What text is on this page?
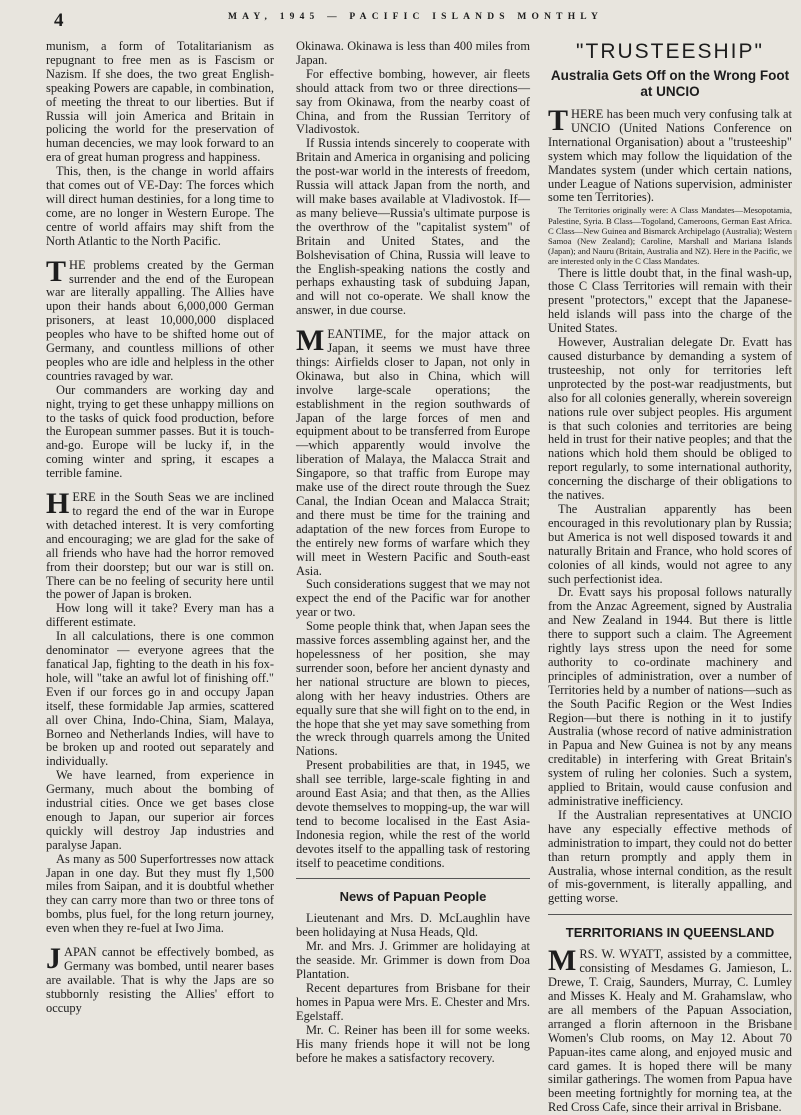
4	MAY, 1945 — PACIFIC ISLANDS MONTHLY

munism, a form of Totalitarianism as repugnant to free men as is Fascism or Nazism. If she does, the two great English-speaking Powers are capable, in combination, of meeting the threat to our liberties. But if Russia will join America and Britain in policing the world for the preservation of human decencies, we may look forward to an era of great human progress and happiness.

This, then, is the change in world affairs that comes out of VE-Day: The forces which will direct human destinies, for a long time to come, are no longer in Western Europe. The centre of world affairs may shift from the North Atlantic to the North Pacific.

THE problems created by the German surrender and the end of the European war are literally appalling. The Allies have upon their hands about 6,000,000 German prisoners, at least 10,000,000 displaced peoples who have to be shifted home out of Germany, and countless millions of other peoples who are idle and helpless in the other countries ravaged by war.

Our commanders are working day and night, trying to get these unhappy millions on to the tasks of quick food production, before the European summer passes. But it is touch-and-go. Europe will be lucky if, in the coming winter and spring, it escapes a terrible famine.

HERE in the South Seas we are inclined to regard the end of the war in Europe with detached interest. It is very comforting and encouraging; we are glad for the sake of all friends who have had the horror removed from their doorstep; but our war is still on. There can be no feeling of security here until the power of Japan is broken.

How long will it take? Every man has a different estimate.

In all calculations, there is one common denominator — everyone agrees that the fanatical Jap, fighting to the death in his fox-hole, will "take an awful lot of finishing off." Even if our forces go in and occupy Japan itself, these formidable Jap armies, scattered all over China, Indo-China, Siam, Malaya, Borneo and Netherlands Indies, will have to be broken up and rooted out separately and individually.

We have learned, from experience in Germany, much about the bombing of industrial cities. Once we get bases close enough to Japan, our superior air forces quickly will destroy Jap industries and paralyse Japan.

As many as 500 Superfortresses now attack Japan in one day. But they must fly 1,500 miles from Saipan, and it is doubtful whether they can carry more than two or three tons of bombs, plus fuel, for the long return journey, even when they re-fuel at Iwo Jima.

JAPAN cannot be effectively bombed, as Germany was bombed, until nearer bases are available. That is why the Japs are so stubbornly resisting the Allies' effort to occupy

Okinawa. Okinawa is less than 400 miles from Japan.

For effective bombing, however, air fleets should attack from two or three directions—say from Okinawa, from the nearby coast of China, and from the Russian Territory of Vladivostok.

If Russia intends sincerely to cooperate with Britain and America in organising and policing the post-war world in the interests of freedom, Russia will attack Japan from the north, and will make bases available at Vladivostok. If—as many believe—Russia's ultimate purpose is the overthrow of the "capitalist system" of Britain and United States, and the Bolshevisation of China, Russia will leave to the English-speaking nations the costly and perhaps exhausting task of subduing Japan, and will not co-operate. We shall know the answer, in due course.

MEANTIME, for the major attack on Japan, it seems we must have three things: Airfields closer to Japan, not only in Okinawa, but also in China, which will involve large-scale operations; the establishment in the region southwards of Japan of the large forces of men and equipment about to be transferred from Europe—which apparently would involve the liberation of Malaya, the Malacca Strait and Singapore, so that traffic from Europe may make use of the direct route through the Suez Canal, the Indian Ocean and Malacca Strait; and there must be time for the training and adaptation of the new forces from Europe to the entirely new forms of warfare which they will meet in Western Pacific and South-east Asia.

Such considerations suggest that we may not expect the end of the Pacific war for another year or two.

Some people think that, when Japan sees the massive forces assembling against her, and the hopelessness of her position, she may surrender soon, before her ancient dynasty and her national structure are blown to pieces, along with her heavy industries. Others are equally sure that she will fight on to the end, in the hope that she yet may save something from the wreck through quarrels among the United Nations.

Present probabilities are that, in 1945, we shall see terrible, large-scale fighting in and around East Asia; and that then, as the Allies devote themselves to mopping-up, the war will tend to become localised in the East Asia-Indonesia region, while the rest of the world devotes itself to the appalling task of restoring itself to peacetime conditions.

News of Papuan People

Lieutenant and Mrs. D. McLaughlin have been holidaying at Nusa Heads, Qld.

Mr. and Mrs. J. Grimmer are holidaying at the seaside. Mr. Grimmer is down from Doa Plantation.

Recent departures from Brisbane for their homes in Papua were Mrs. E. Chester and Mrs. Egelstaff.

Mr. C. Reiner has been ill for some weeks. His many friends hope it will not be long before he makes a satisfactory recovery.

"TRUSTEESHIP"
Australia Gets Off on the Wrong Foot at UNCIO

THERE has been much very confusing talk at UNCIO (United Nations Conference on International Organisation) about a "trusteeship" system which may follow the liquidation of the Mandates system (under which certain nations, under League of Nations supervision, administer some ten Territories).

The Territories originally were: A Class Mandates—Mesopotamia, Palestine, Syria. B Class—Togoland, Cameroons, German East Africa. C Class—New Guinea and Bismarck Archipelago (Australia); Western Samoa (New Zealand); Caroline, Marshall and Mariana Islands (Japan); and Nauru (Britain, Australia and NZ). Here in the Pacific, we are interested only in the C Class Mandates.

There is little doubt that, in the final wash-up, those C Class Territories will remain with their present "protectors," except that the Japanese-held islands will pass into the charge of the United States.

However, Australian delegate Dr. Evatt has caused disturbance by demanding a system of trusteeship, not only for territories left unprotected by the post-war readjustments, but also for all colonies generally, wherein sovereign nations rule over subject peoples. His argument is that such colonies and territories are being held in trust for their native peoples; and that the nations which hold them should be obliged to report regularly, to some international authority, concerning the discharge of their obligations to the natives.

The Australian apparently has been encouraged in this revolutionary plan by Russia; but America is not well disposed towards it and naturally Britain and France, who hold scores of colonies of all kinds, would not agree to any such perfectionist idea.

Dr. Evatt says his proposal follows naturally from the Anzac Agreement, signed by Australia and New Zealand in 1944. But there is little there to support such a claim. The Agreement rightly lays stress upon the need for some authority to co-ordinate machinery and principles of administration, over a number of Territories held by a number of nations—such as the South Pacific Region or the West Indies Region—but there is nothing in it to justify Australia (whose record of native administration in Papua and New Guinea is not by any means creditable) in interfering with Great Britain's system of ruling her colonies. Such a system, applied to Britain, would cause confusion and administrative inefficiency.

If the Australian representatives at UNCIO have any especially effective methods of administration to impart, they could not do better than return promptly and apply them in Australia, whose internal condition, as the result of mis-government, is literally appalling, and getting worse.

TERRITORIANS IN QUEENSLAND

MRS. W. WYATT, assisted by a committee, consisting of Mesdames G. Jamieson, L. Drewe, T. Craig, Saunders, Murray, C. Lumley and Misses K. Healy and M. Grahamslaw, who are all members of the Papuan Association, arranged a florin afternoon in the Brisbane Women's Club rooms, on May 12. About 70 Papuan-ites came along, and enjoyed music and card games. It is hoped there will be many similar gatherings. The women from Papua have been meeting fortnightly for morning tea, at the Red Cross Cafe, since their arrival in Brisbane.
